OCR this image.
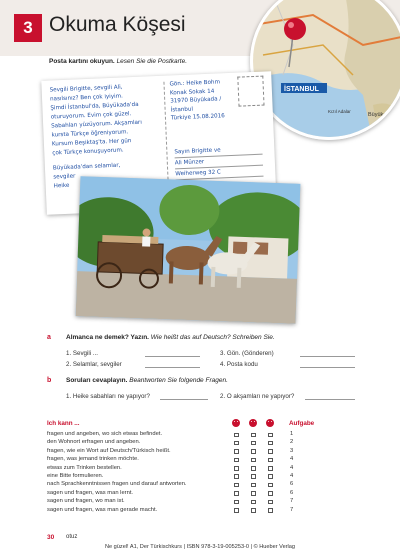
3 Okuma Köşesi
İSTANBUL
Büyükada
Kızıl Adalar
Posta kartını okuyun. Lesen Sie die Postkarte.
Sevgili Brigitte, sevgili Ali,
nasılsınız? Ben çok iyiyim.
Şimdi İstanbul'da, Büyükada'da
oturuyorum. Evim çok güzel.
Sabahları yüzüyorum. Akşamları
kursta Türkçe öğreniyorum.
Kursum Beşiktaş'ta. Her gün
çok Türkçe konuşuyorum.
Büyükada'dan selamlar,
sevgiler
Heike
Gön.: Heike Bohm
Konak Sokak 14
31970 Büyükada /
İstanbul
Türkiye 15.08.2016
Sayın Brigitte ve
Ali Münzer
Weiherweg 32 C
a Almanca ne demek? Yazın. Wie heißt das auf Deutsch? Schreiben Sie.
1. Sevgili ...
2. Selamlar, sevgiler
3. Gön. (Gönderen)
4. Posta kodu
b Soruları cevaplayın. Beantworten Sie folgende Fragen.
1. Heike sabahları ne yapıyor?	2. O akşamları ne yapıyor?
Ich kann ...	Aufgabe
fragen und angeben, wo sich etwas befindet.	1
den Wohnort erfragen und angeben.	2
fragen, wie ein Wort auf Deutsch/Türkisch heißt.	3
fragen, was jemand trinken möchte.	4
etwas zum Trinken bestellen.	4
eine Bitte formulieren.	4
nach Sprachkenntnissen fragen und darauf antworten.	6
sagen und fragen, was man lernt.	6
sagen und fragen, wo man ist.	7
sagen und fragen, was man gerade macht.	7
30 otuz
Ne güzel! A1, Der Türkischkurs | ISBN 978-3-19-005253-0 | © Hueber Verlag
